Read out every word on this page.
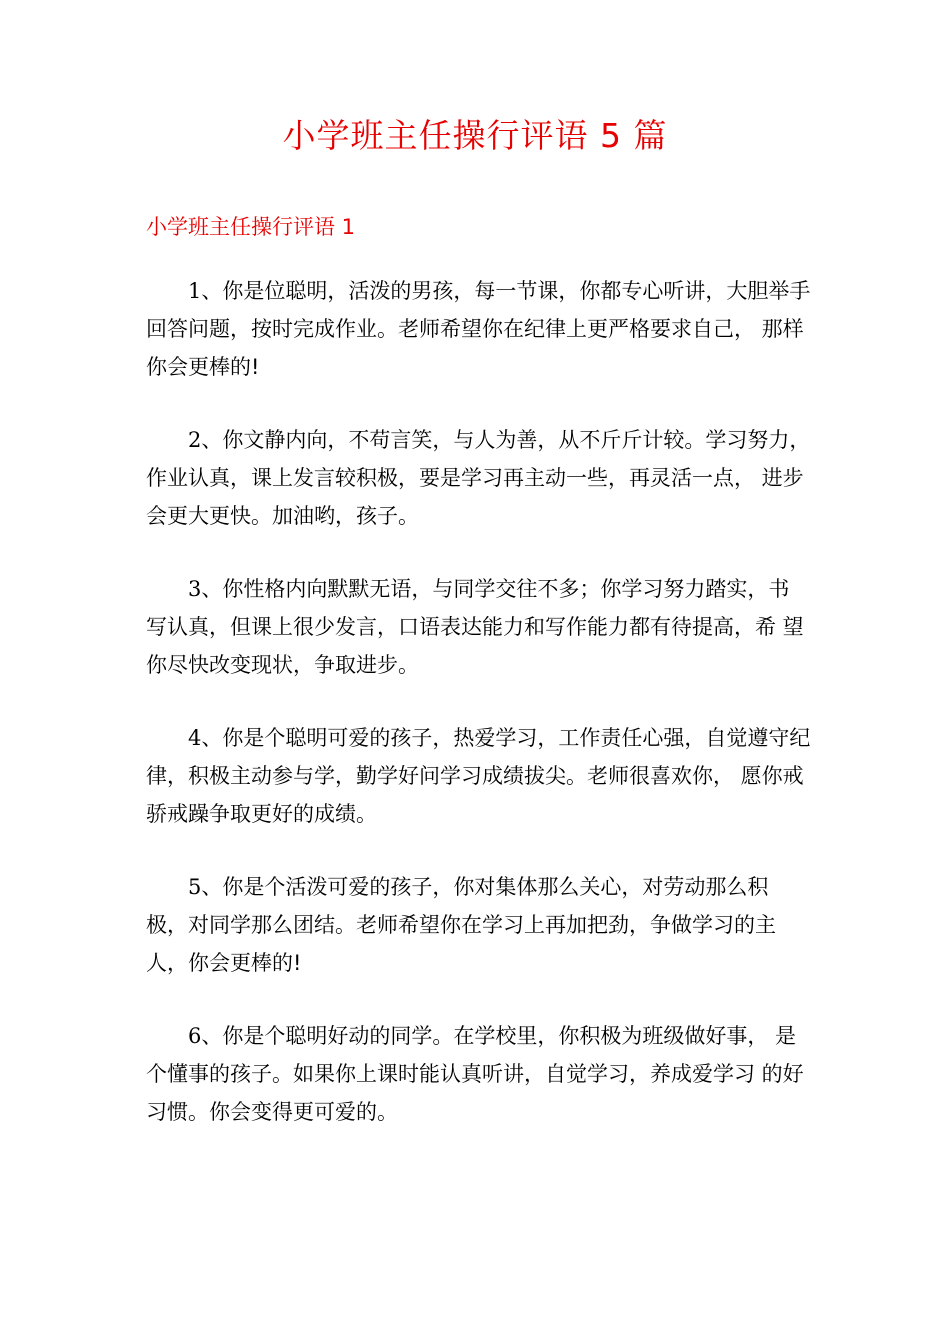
小学班主任操行评语 5 篇
小学班主任操行评语 1

1、你是位聪明，活泼的男孩，每一节课，你都专心听讲，大胆举手回答问题，按时完成作业。老师希望你在纪律上更严格要求自己， 那样你会更棒的!

2、你文静内向，不苟言笑，与人为善，从不斤斤计较。学习努力，作业认真，课上发言较积极，要是学习再主动一些，再灵活一点， 进步会更大更快。加油哟，孩子。

3、你性格内向默默无语，与同学交往不多；你学习努力踏实，书 写认真，但课上很少发言，口语表达能力和写作能力都有待提高，希 望你尽快改变现状，争取进步。

4、你是个聪明可爱的孩子，热爱学习，工作责任心强，自觉遵守纪律，积极主动参与学，勤学好问学习成绩拔尖。老师很喜欢你， 愿你戒骄戒躁争取更好的成绩。

5、你是个活泼可爱的孩子，你对集体那么关心，对劳动那么积 极，对同学那么团结。老师希望你在学习上再加把劲，争做学习的主 人，你会更棒的!

6、你是个聪明好动的同学。在学校里，你积极为班级做好事， 是个懂事的孩子。如果你上课时能认真听讲，自觉学习，养成爱学习 的好习惯。你会变得更可爱的。
